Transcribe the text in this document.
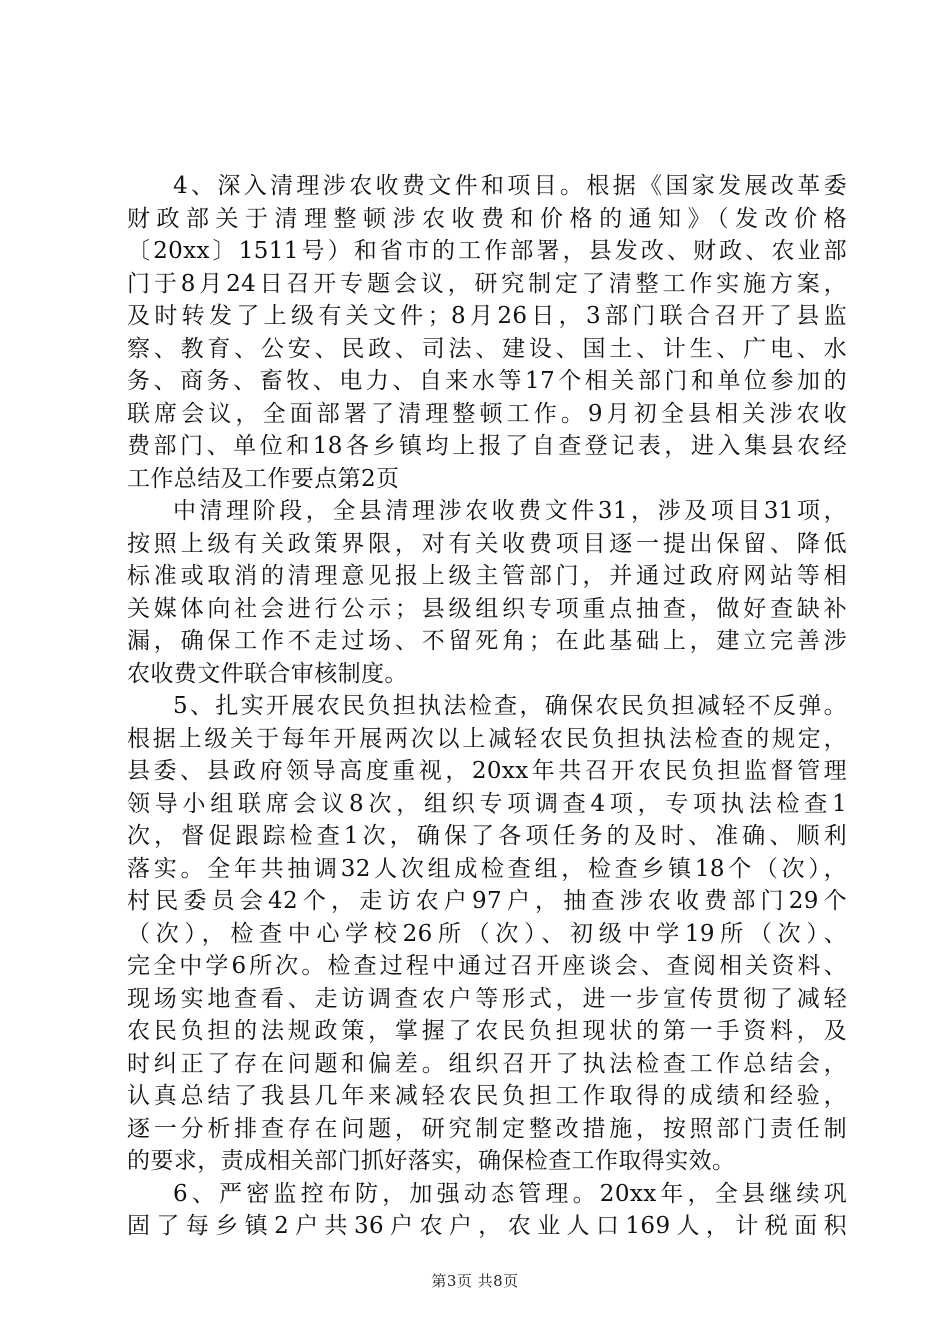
4、深入清理涉农收费文件和项目。根据《国家发展改革委
财政部关于清理整顿涉农收费和价格的通知》（发改价格
〔20xx〕1511号）和省市的工作部署，县发改、财政、农业部
门于8月24日召开专题会议，研究制定了清整工作实施方案，
及时转发了上级有关文件；8月26日，3部门联合召开了县监
察、教育、公安、民政、司法、建设、国土、计生、广电、水
务、商务、畜牧、电力、自来水等17个相关部门和单位参加的
联席会议，全面部署了清理整顿工作。9月初全县相关涉农收
费部门、单位和18各乡镇均上报了自查登记表，进入集县农经
工作总结及工作要点第2页
中清理阶段，全县清理涉农收费文件31，涉及项目31项，
按照上级有关政策界限，对有关收费项目逐一提出保留、降低
标准或取消的清理意见报上级主管部门，并通过政府网站等相
关媒体向社会进行公示；县级组织专项重点抽查，做好查缺补
漏，确保工作不走过场、不留死角；在此基础上，建立完善涉
农收费文件联合审核制度。
5、扎实开展农民负担执法检查，确保农民负担减轻不反弹。
根据上级关于每年开展两次以上减轻农民负担执法检查的规定，
县委、县政府领导高度重视，20xx年共召开农民负担监督管理
领导小组联席会议8次，组织专项调查4项，专项执法检查1
次，督促跟踪检查1次，确保了各项任务的及时、准确、顺利
落实。全年共抽调32人次组成检查组，检查乡镇18个（次），
村民委员会42个，走访农户97户，抽查涉农收费部门29个
（次），检查中心学校26所（次）、初级中学19所（次）、
完全中学6所次。检查过程中通过召开座谈会、查阅相关资料、
现场实地查看、走访调查农户等形式，进一步宣传贯彻了减轻
农民负担的法规政策，掌握了农民负担现状的第一手资料，及
时纠正了存在问题和偏差。组织召开了执法检查工作总结会，
认真总结了我县几年来减轻农民负担工作取得的成绩和经验，
逐一分析排查存在问题，研究制定整改措施，按照部门责任制
的要求，责成相关部门抓好落实，确保检查工作取得实效。
6、严密监控布防，加强动态管理。20xx年，全县继续巩
固了每乡镇2户共36户农户，农业人口169人，计税面积
第3页 共8页
